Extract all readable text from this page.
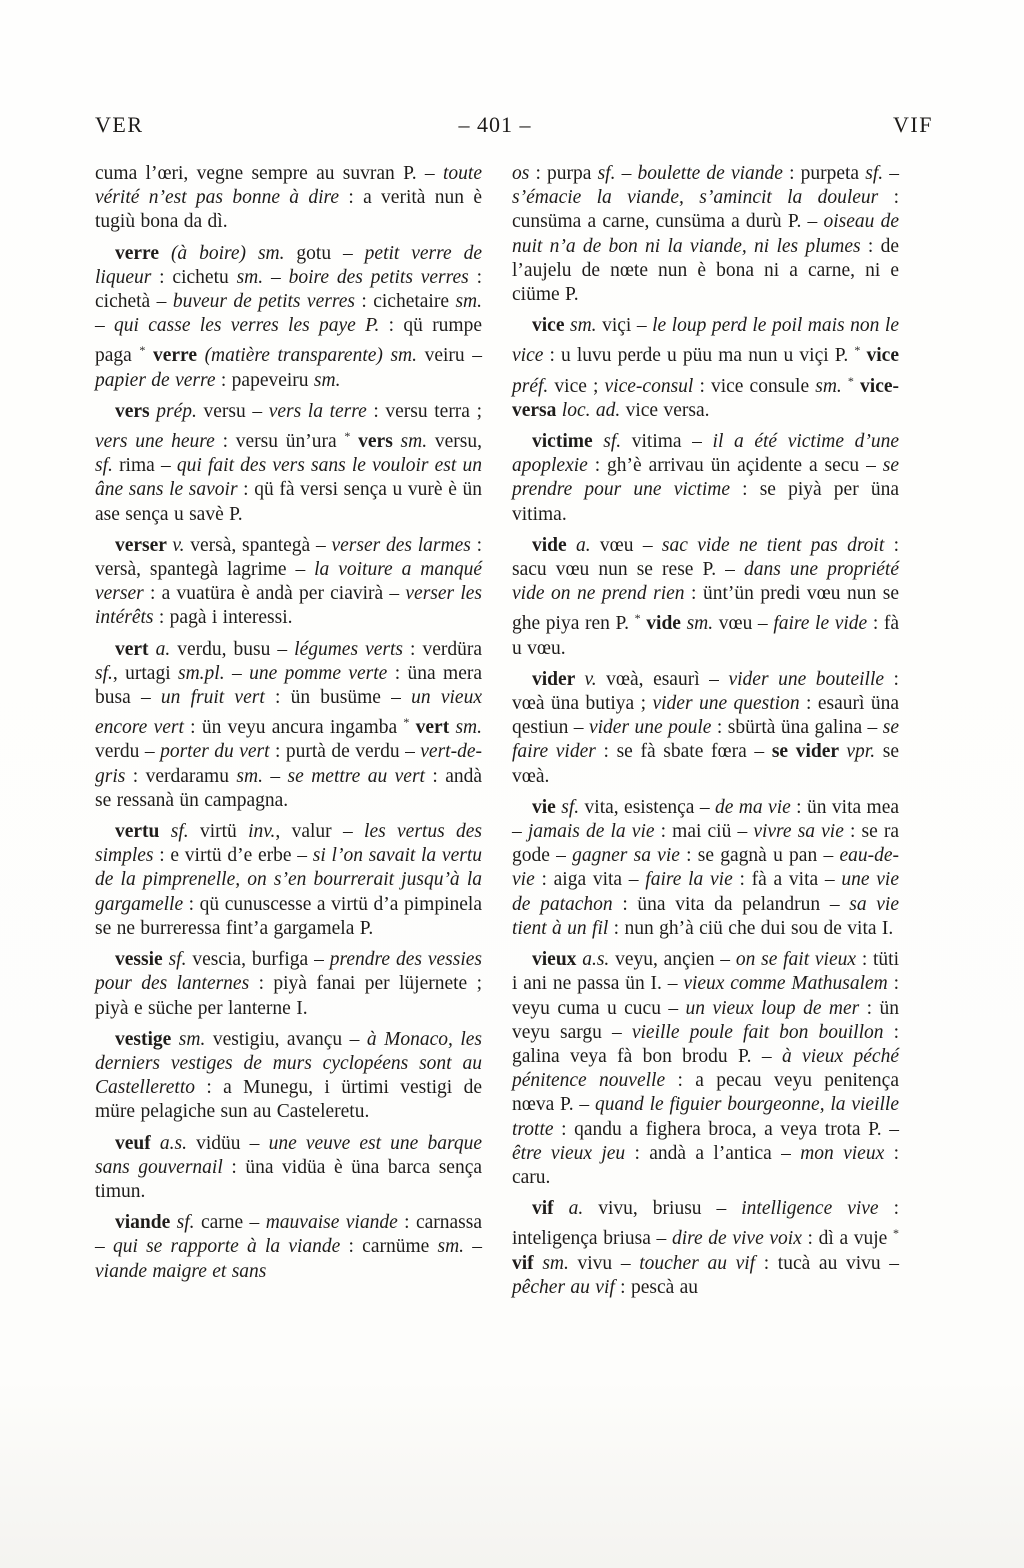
VER	– 401 –	VIF

cuma l’œri, vegne sempre au suvran P. – toute vérité n’est pas bonne à dire : a verità nun è tugiù bona da dì.

verre (à boire) sm. gotu – petit verre de liqueur : cichetu sm. – boire des petits verres : cichetà – buveur de petits verres : cichetaire sm. – qui casse les verres les paye P. : qü rumpe paga * verre (matière transparente) sm. veiru – papier de verre : papeveiru sm.

vers prép. versu – vers la terre : versu terra ; vers une heure : versu ün’ura * vers sm. versu, sf. rima – qui fait des vers sans le vouloir est un âne sans le savoir : qü fà versi sença u vurè è ün ase sença u savè P.

verser v. versà, spantegà – verser des larmes : versà, spantegà lagrime – la voiture a manqué verser : a vuatüra è andà per ciavirà – verser les intérêts : pagà i interessi.

vert a. verdu, busu – légumes verts : verdüra sf., urtagi sm.pl. – une pomme verte : üna mera busa – un fruit vert : ün busüme – un vieux encore vert : ün veyu ancura ingamba * vert sm. verdu – porter du vert : purtà de verdu – vert-de-gris : verdaramu sm. – se mettre au vert : andà se ressanà ün campagna.

vertu sf. virtü inv., valur – les vertus des simples : e virtü d’e erbe – si l’on savait la vertu de la pimprenelle, on s’en bourrerait jusqu’à la gargamelle : qü cunuscesse a virtü d’a pimpinela se ne burreressa fint’a gargamela P.

vessie sf. vescia, burfiga – prendre des vessies pour des lanternes : piyà fanai per lüjernete ; piyà e süche per lanterne I.

vestige sm. vestigiu, avançu – à Monaco, les derniers vestiges de murs cyclopéens sont au Castelleretto : a Munegu, i ürtimi vestigi de müre pelagiche sun au Casteleretu.

veuf a.s. vidüu – une veuve est une barque sans gouvernail : üna vidüa è üna barca sença timun.

viande sf. carne – mauvaise viande : carnassa – qui se rapporte à la viande : carnüme sm. – viande maigre et sans

os : purpa sf. – boulette de viande : purpeta sf. – s’émacie la viande, s’amincit la douleur : cunsüma a carne, cunsüma a durù P. – oiseau de nuit n’a de bon ni la viande, ni les plumes : de l’aujelu de nœte nun è bona ni a carne, ni e ciüme P.

vice sm. viçi – le loup perd le poil mais non le vice : u luvu perde u püu ma nun u viçi P. * vice préf. vice ; vice-consul : vice consule sm. * vice-versa loc. ad. vice versa.

victime sf. vitima – il a été victime d’une apoplexie : gh’è arrivau ün açidente a secu – se prendre pour une victime : se piyà per üna vitima.

vide a. vœu – sac vide ne tient pas droit : sacu vœu nun se rese P. – dans une propriété vide on ne prend rien : ünt’ün predi vœu nun se ghe piya ren P. * vide sm. vœu – faire le vide : fà u vœu.

vider v. vœà, esaurì – vider une bouteille : vœà üna butiya ; vider une question : esaurì üna qestiun – vider une poule : sbürtà üna galina – se faire vider : se fà sbate fœra – se vider vpr. se vœà.

vie sf. vita, esistença – de ma vie : ün vita mea – jamais de la vie : mai ciü – vivre sa vie : se ra gode – gagner sa vie : se gagnà u pan – eau-de-vie : aiga vita – faire la vie : fà a vita – une vie de patachon : üna vita da pelandrun – sa vie tient à un fil : nun gh’à ciü che dui sou de vita I.

vieux a.s. veyu, ançien – on se fait vieux : tüti i ani ne passa ün I. – vieux comme Mathusalem : veyu cuma u cucu – un vieux loup de mer : ün veyu sargu – vieille poule fait bon bouillon : galina veya fà bon brodu P. – à vieux péché pénitence nouvelle : a pecau veyu penitença nœva P. – quand le figuier bourgeonne, la vieille trotte : qandu a fighera broca, a veya trota P. – être vieux jeu : andà a l’antica – mon vieux : caru.

vif a. vivu, briusu – intelligence vive : inteligença briusa – dire de vive voix : dì a vuje * vif sm. vivu – toucher au vif : tucà au vivu – pêcher au vif : pescà au
